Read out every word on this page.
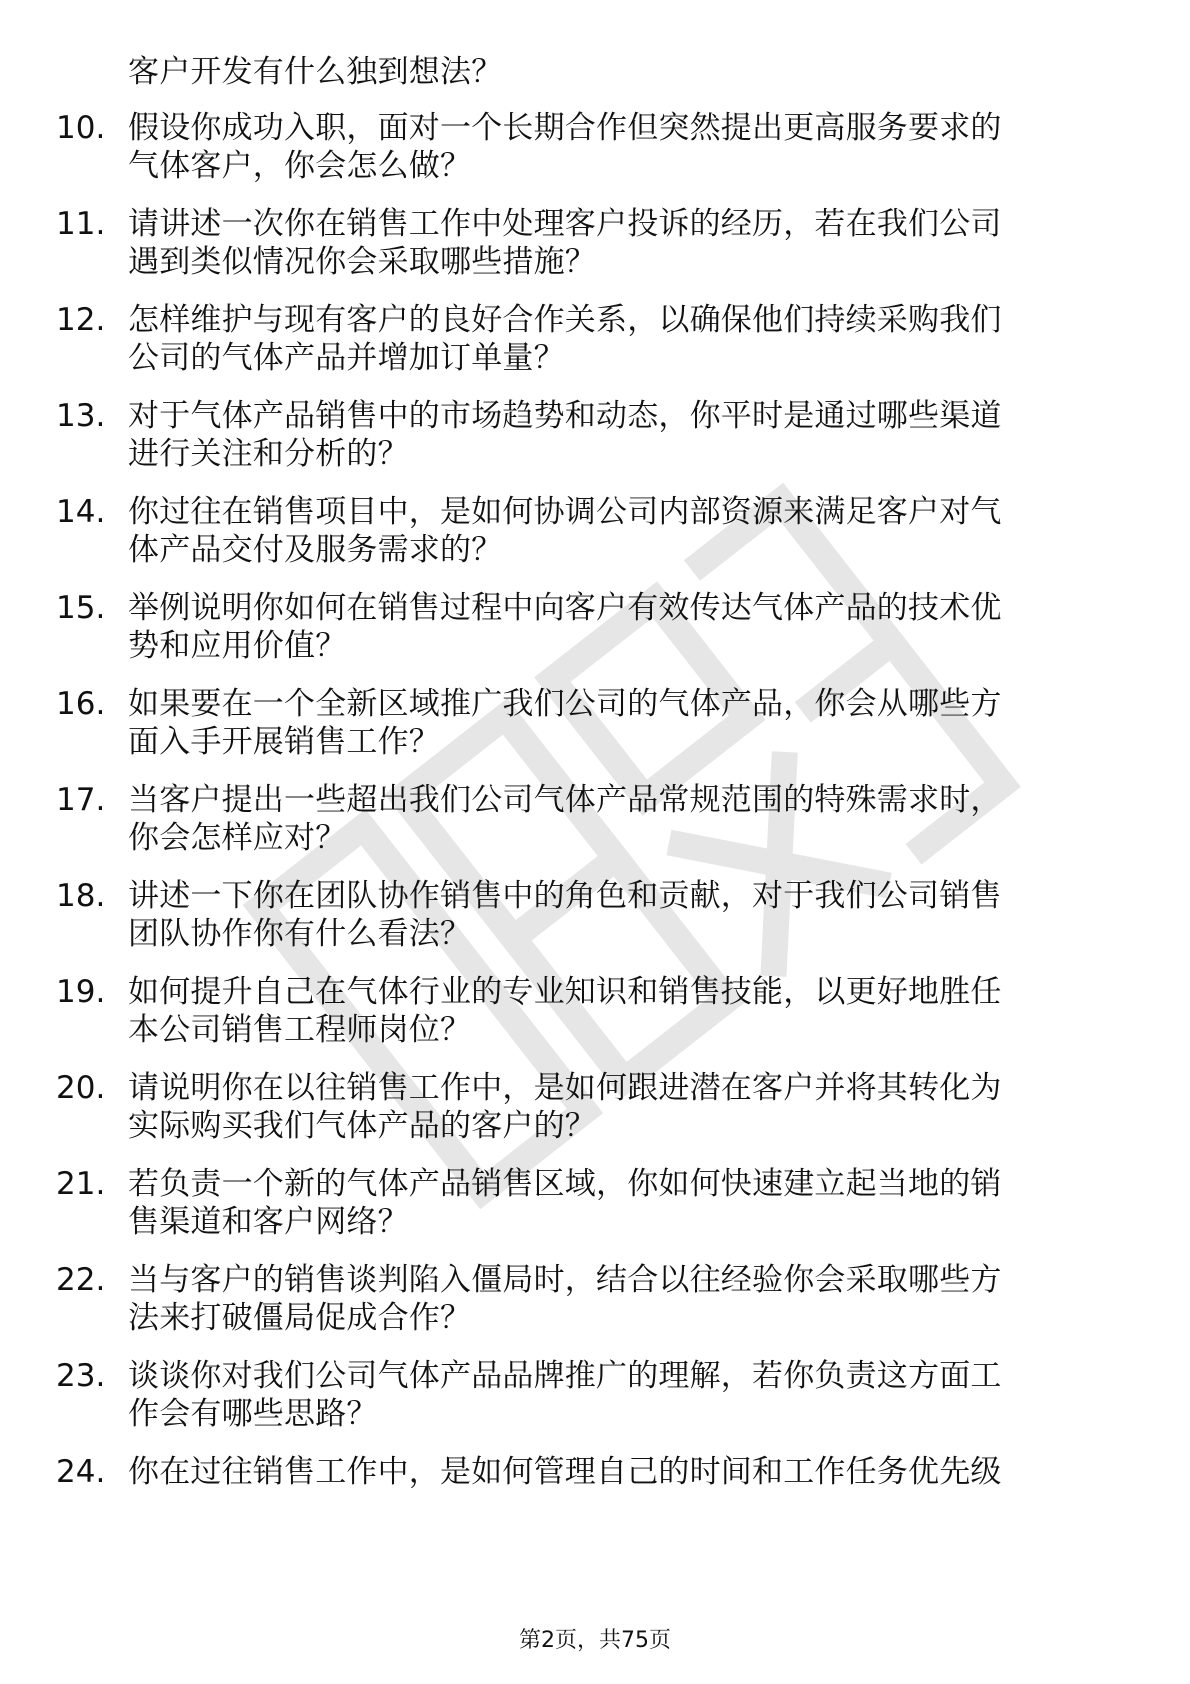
客户开发有什么独到想法？
10. 假设你成功入职，面对一个长期合作但突然提出更高服务要求的
气体客户，你会怎么做？
11. 请讲述一次你在销售工作中处理客户投诉的经历，若在我们公司
遇到类似情况你会采取哪些措施？
12. 怎样维护与现有客户的良好合作关系，以确保他们持续采购我们
公司的气体产品并增加订单量？
13. 对于气体产品销售中的市场趋势和动态，你平时是通过哪些渠道
进行关注和分析的？
14. 你过往在销售项目中，是如何协调公司内部资源来满足客户对气
体产品交付及服务需求的？
15. 举例说明你如何在销售过程中向客户有效传达气体产品的技术优
势和应用价值？
16. 如果要在一个全新区域推广我们公司的气体产品，你会从哪些方
面入手开展销售工作？
17. 当客户提出一些超出我们公司气体产品常规范围的特殊需求时，
你会怎样应对？
18. 讲述一下你在团队协作销售中的角色和贡献，对于我们公司销售
团队协作你有什么看法？
19. 如何提升自己在气体行业的专业知识和销售技能，以更好地胜任
本公司销售工程师岗位？
20. 请说明你在以往销售工作中，是如何跟进潜在客户并将其转化为
实际购买我们气体产品的客户的？
21. 若负责一个新的气体产品销售区域，你如何快速建立起当地的销
售渠道和客户网络？
22. 当与客户的销售谈判陷入僵局时，结合以往经验你会采取哪些方
法来打破僵局促成合作？
23. 谈谈你对我们公司气体产品品牌推广的理解，若你负责这方面工
作会有哪些思路？
24. 你在过往销售工作中，是如何管理自己的时间和工作任务优先级
第2页，共75页
